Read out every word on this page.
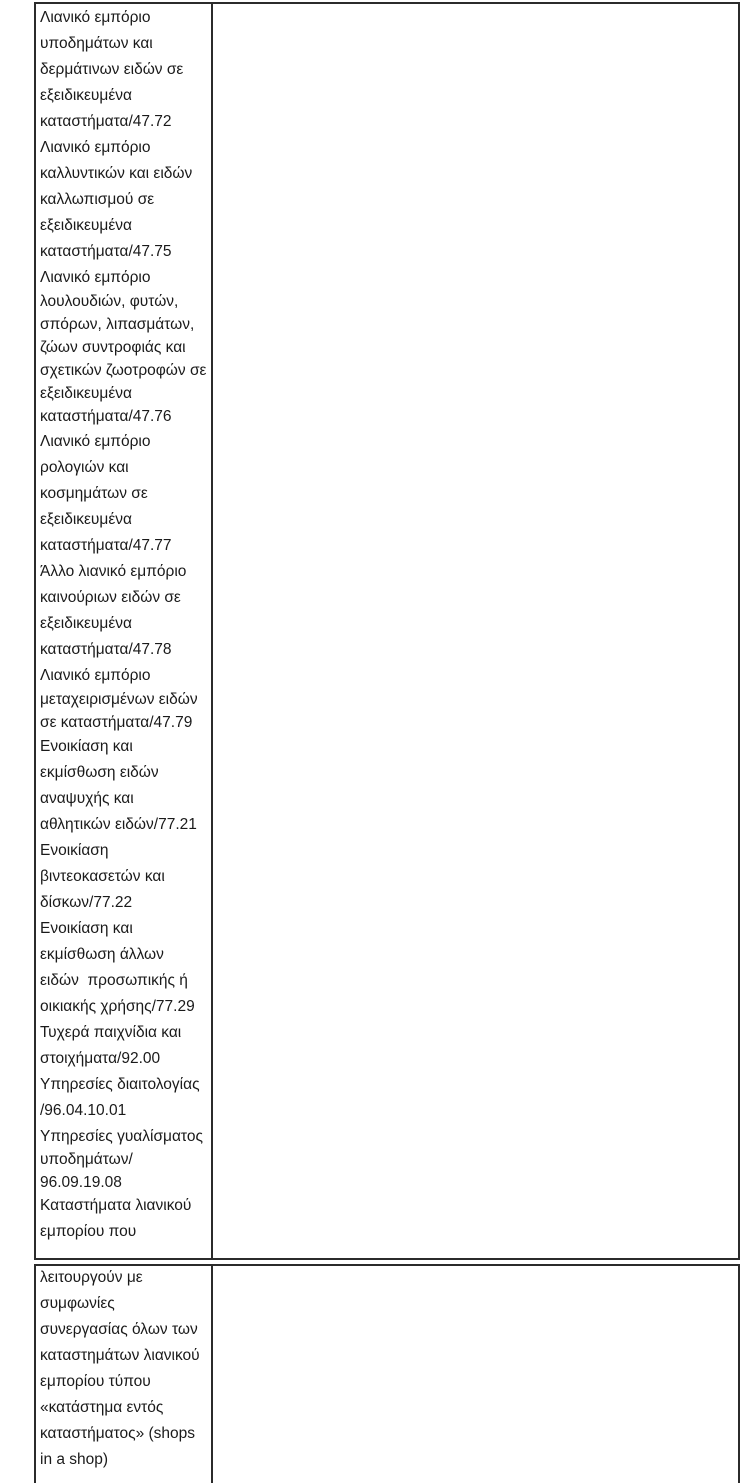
Λιανικό εμπόριο
υποδημάτων και
δερμάτινων ειδών σε
εξειδικευμένα
καταστήματα/47.72
Λιανικό εμπόριο
καλλυντικών και ειδών
καλλωπισμού σε
εξειδικευμένα
καταστήματα/47.75
Λιανικό εμπόριο
λουλουδιών, φυτών,
σπόρων, λιπασμάτων,
ζώων συντροφιάς και
σχετικών ζωοτροφών σε
εξειδικευμένα
καταστήματα/47.76
Λιανικό εμπόριο
ρολογιών και
κοσμημάτων σε
εξειδικευμένα
καταστήματα/47.77
Άλλο λιανικό εμπόριο
καινούριων ειδών σε
εξειδικευμένα
καταστήματα/47.78
Λιανικό εμπόριο
μεταχειρισμένων ειδών
σε καταστήματα/47.79
Ενοικίαση και
εκμίσθωση ειδών
αναψυχής και
αθλητικών ειδών/77.21
Ενοικίαση
βιντεοκασετών και
δίσκων/77.22
Ενοικίαση και
εκμίσθωση άλλων
ειδών  προσωπικής ή
οικιακής χρήσης/77.29
Τυχερά παιχνίδια και
στοιχήματα/92.00
Υπηρεσίες διαιτολογίας
/96.04.10.01
Υπηρεσίες γυαλίσματος
υποδημάτων/
96.09.19.08
Καταστήματα λιανικού
εμπορίου που
λειτουργούν με
συμφωνίες
συνεργασίας όλων των
καταστημάτων λιανικού
εμπορίου τύπου
«κατάστημα εντός
καταστήματος» (shops
in a shop)
